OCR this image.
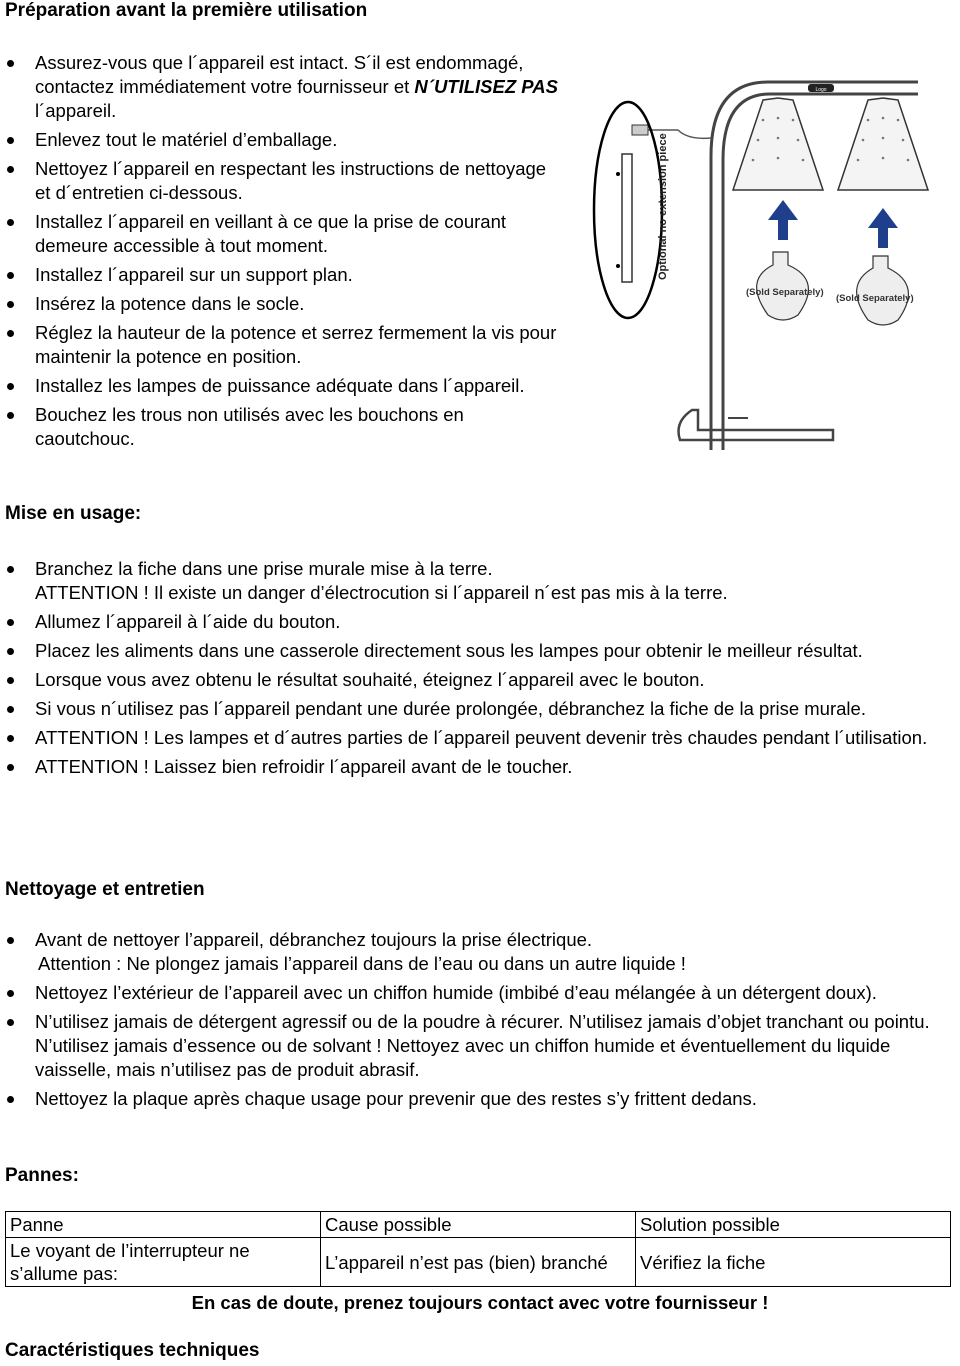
Préparation avant la première utilisation
Assurez-vous que l´appareil est intact. S´il est endommagé, contactez immédiatement votre fournisseur et N´UTILISEZ PAS l´appareil.
Enlevez tout le matériel d’emballage.
Nettoyez l´appareil en respectant les instructions de nettoyage et d´entretien ci-dessous.
Installez l´appareil en veillant à ce que la prise de courant demeure accessible à tout moment.
Installez l´appareil sur un support plan.
Insérez la potence dans le socle.
Réglez la hauteur de la potence et serrez fermement la vis pour maintenir la potence en position.
Installez les lampes de puissance adéquate dans l´appareil.
Bouchez les trous non utilisés avec les bouchons en caoutchouc.
Logo
(Sold Separately)
(Sold Separately)
Optional no extension piece
Mise en usage:
Branchez la fiche dans une prise murale mise à la terre.
ATTENTION ! Il existe un danger d’électrocution si l´appareil n´est pas mis à la terre.
Allumez l´appareil à l´aide du bouton.
Placez les aliments dans une casserole directement sous les lampes pour obtenir le meilleur résultat.
Lorsque vous avez obtenu le résultat souhaité, éteignez l´appareil avec le bouton.
Si vous n´utilisez pas l´appareil pendant une durée prolongée, débranchez la fiche de la prise murale.
ATTENTION ! Les lampes et d´autres parties de l´appareil peuvent devenir très chaudes pendant l´utilisation.
ATTENTION ! Laissez bien refroidir l´appareil avant de le toucher.
Nettoyage et entretien
Avant de nettoyer l’appareil, débranchez toujours la prise électrique.

Attention : Ne plongez jamais l’appareil dans de l’eau ou dans un autre liquide !
Nettoyez l’extérieur de l’appareil avec un chiffon humide (imbibé d’eau mélangée à un détergent doux).
N’utilisez jamais de détergent agressif ou de la poudre à récurer. N’utilisez jamais d’objet tranchant ou pointu. N’utilisez jamais d’essence ou de solvant ! Nettoyez avec un chiffon humide et éventuellement du liquide vaisselle, mais n’utilisez pas de produit abrasif.
Nettoyez la plaque après chaque usage pour prevenir que des restes s’y frittent dedans.
Pannes:
Panne	Cause possible	Solution possible
Le voyant de l’interrupteur ne s’allume pas:	L’appareil n’est pas (bien) branché	Vérifiez la fiche
En cas de doute, prenez toujours contact avec votre fournisseur !
Caractéristiques techniques
